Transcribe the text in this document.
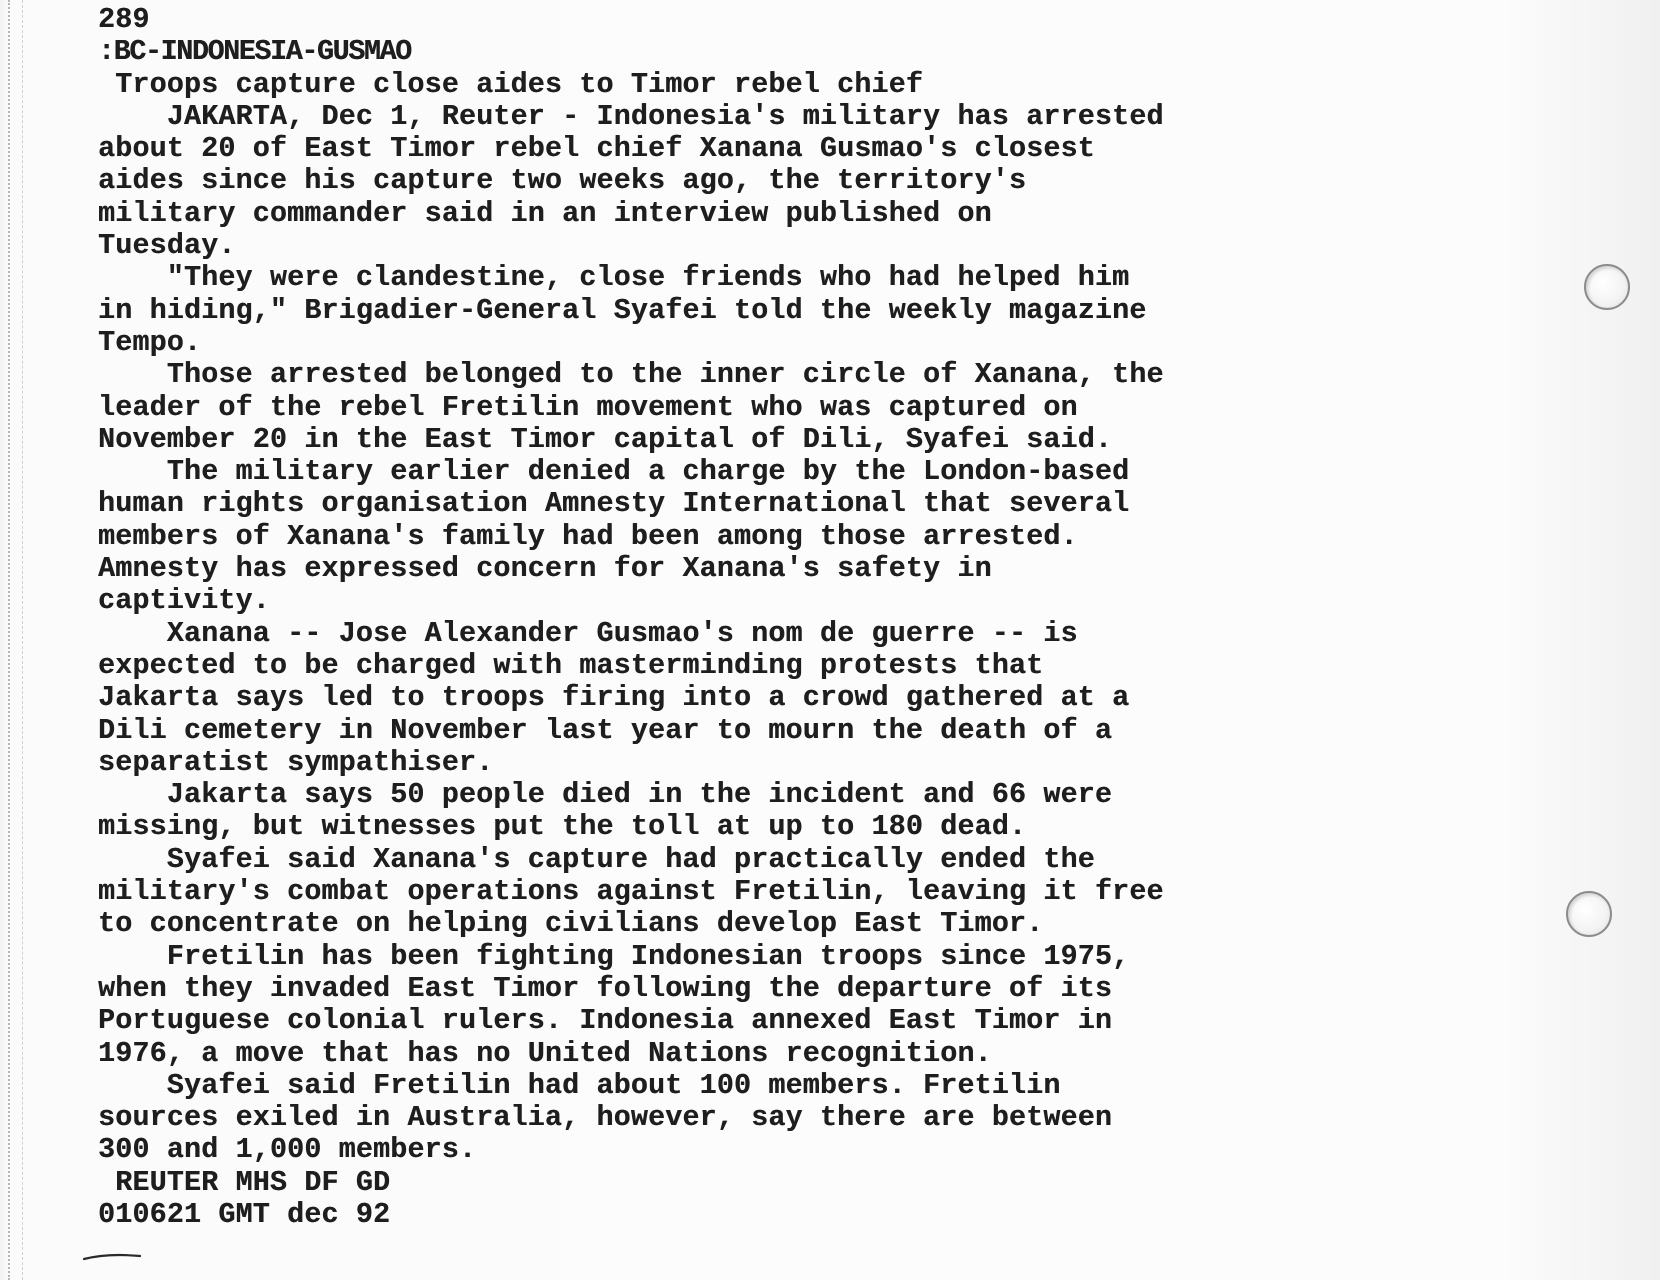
289
:BC-INDONESIA-GUSMAO
Troops capture close aides to Timor rebel chief
JAKARTA, Dec 1, Reuter - Indonesia's military has arrested
about 20 of East Timor rebel chief Xanana Gusmao's closest
aides since his capture two weeks ago, the territory's
military commander said in an interview published on
Tuesday.
"They were clandestine, close friends who had helped him
in hiding," Brigadier-General Syafei told the weekly magazine
Tempo.
Those arrested belonged to the inner circle of Xanana, the
leader of the rebel Fretilin movement who was captured on
November 20 in the East Timor capital of Dili, Syafei said.
The military earlier denied a charge by the London-based
human rights organisation Amnesty International that several
members of Xanana's family had been among those arrested.
Amnesty has expressed concern for Xanana's safety in
captivity.
Xanana -- Jose Alexander Gusmao's nom de guerre -- is
expected to be charged with masterminding protests that
Jakarta says led to troops firing into a crowd gathered at a
Dili cemetery in November last year to mourn the death of a
separatist sympathiser.
Jakarta says 50 people died in the incident and 66 were
missing, but witnesses put the toll at up to 180 dead.
Syafei said Xanana's capture had practically ended the
military's combat operations against Fretilin, leaving it free
to concentrate on helping civilians develop East Timor.
Fretilin has been fighting Indonesian troops since 1975,
when they invaded East Timor following the departure of its
Portuguese colonial rulers. Indonesia annexed East Timor in
1976, a move that has no United Nations recognition.
Syafei said Fretilin had about 100 members. Fretilin
sources exiled in Australia, however, say there are between
300 and 1,000 members.
REUTER MHS DF GD
010621 GMT dec 92
